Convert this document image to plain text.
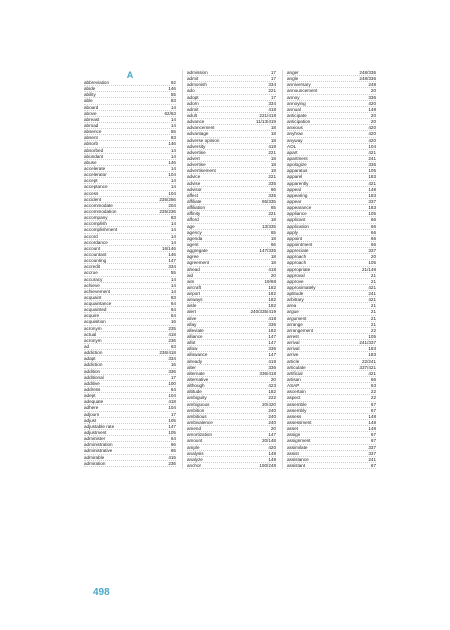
A
abbreviation	62
abide	146
ability	55
able	83
aboard	14
above	62/63
abreast	14
abroad	14
absence	55
absent	83
absorb	146
absorbed	14
abundant	14
abuse	146
accelerate	14
accelerator	104
accept	14
acceptance	14
access	104
accident	235/256
accommodate	204
accommodation	235/236
accompany	83
accomplish	14
accomplishment	14
accord	14
accordance	14
account	16/146
accountant	146
accounting	147
accredit	334
accrue	55
accuracy	14
achieve	14
achievement	14
acquaint	83
acquaintance	64
acquainted	64
acquire	64
acquisition	16
acronym	235
actual	418
acronym	236
ad	63
addiction	236/418
adapt	334
addiction	16
addition	336
additional	17
additive	100
address	64
adept	104
adequate	418
adhere	104
adjourn	17
adjust	105
adjustable rate	147
adjustment	105
administer	64
administration	66
administrative	65
admirable	415
admiration	236
admission	17
admit	17
admonish	334
ado	221
adopt	17
adorn	334
adroit	418
adult	221/418
advance	11/13/419
advancement	18
advantage	18
adverse opinion	18
adversity	418
advertise	221
advert	18
advertise	18
advertisement	18
advice	221
advise	335
advisor	66
affect	335
affiliate	65/335
affiliation	65
affinity	221
afford	18
age	13/335
agency	65
agenda	18
agent	66
aggregate	147/335
agree	18
agreement	18
ahead	418
aid	20
aim	19/68
aircraft	182
airport	182
airways	182
aisle	182
alert	240/335/419
alive	418
allay	336
alleviate	182
alliance	147
allot	147
allow	336
allowance	147
already	418
alter	336
alternate	336/418
alternative	20
although	423
altitude	182
ambiguity	222
ambiguous	20/420
ambition	240
ambitious	240
ambivalence	240
amend	20
amortization	147
amount	20/148
ample	420
analysis	148
analyze	148
anchor	150/248
anger	248/336
angle	248/336
anniversary	248
announcement	20
annoy	336
annoying	420
annual	148
anticipate	20
anticipation	20
anxious	420
anyhow	420
anyway	420
AOL	104
apart	421
apartment	241
apologize	336
apparatus	105
apparel	183
apparently	421
appeal	148
appearing	183
appear	337
appearance	183
appliance	105
applicant	66
application	66
apply	66
appoint	66
appointment	66
appreciate	337
approach	20
approach	105
appropriate	21/148
approval	21
approve	21
approximately	421
aptitude	241
arbitrary	421
area	21
argue	21
argument	21
arrange	21
arrangement	22
arrest	105
arrival	241/337
arrival	183
arrive	183
article	22/241
articulate	337/421
artificial	421
artisan	66
ASAP	63
ascertain	22
aspect	22
assemble	67
assembly	67
assess	148
assessment	148
asset	148
assign	67
assignment	67
assimilate	337
assist	337
assistance	241
assistant	67
498
